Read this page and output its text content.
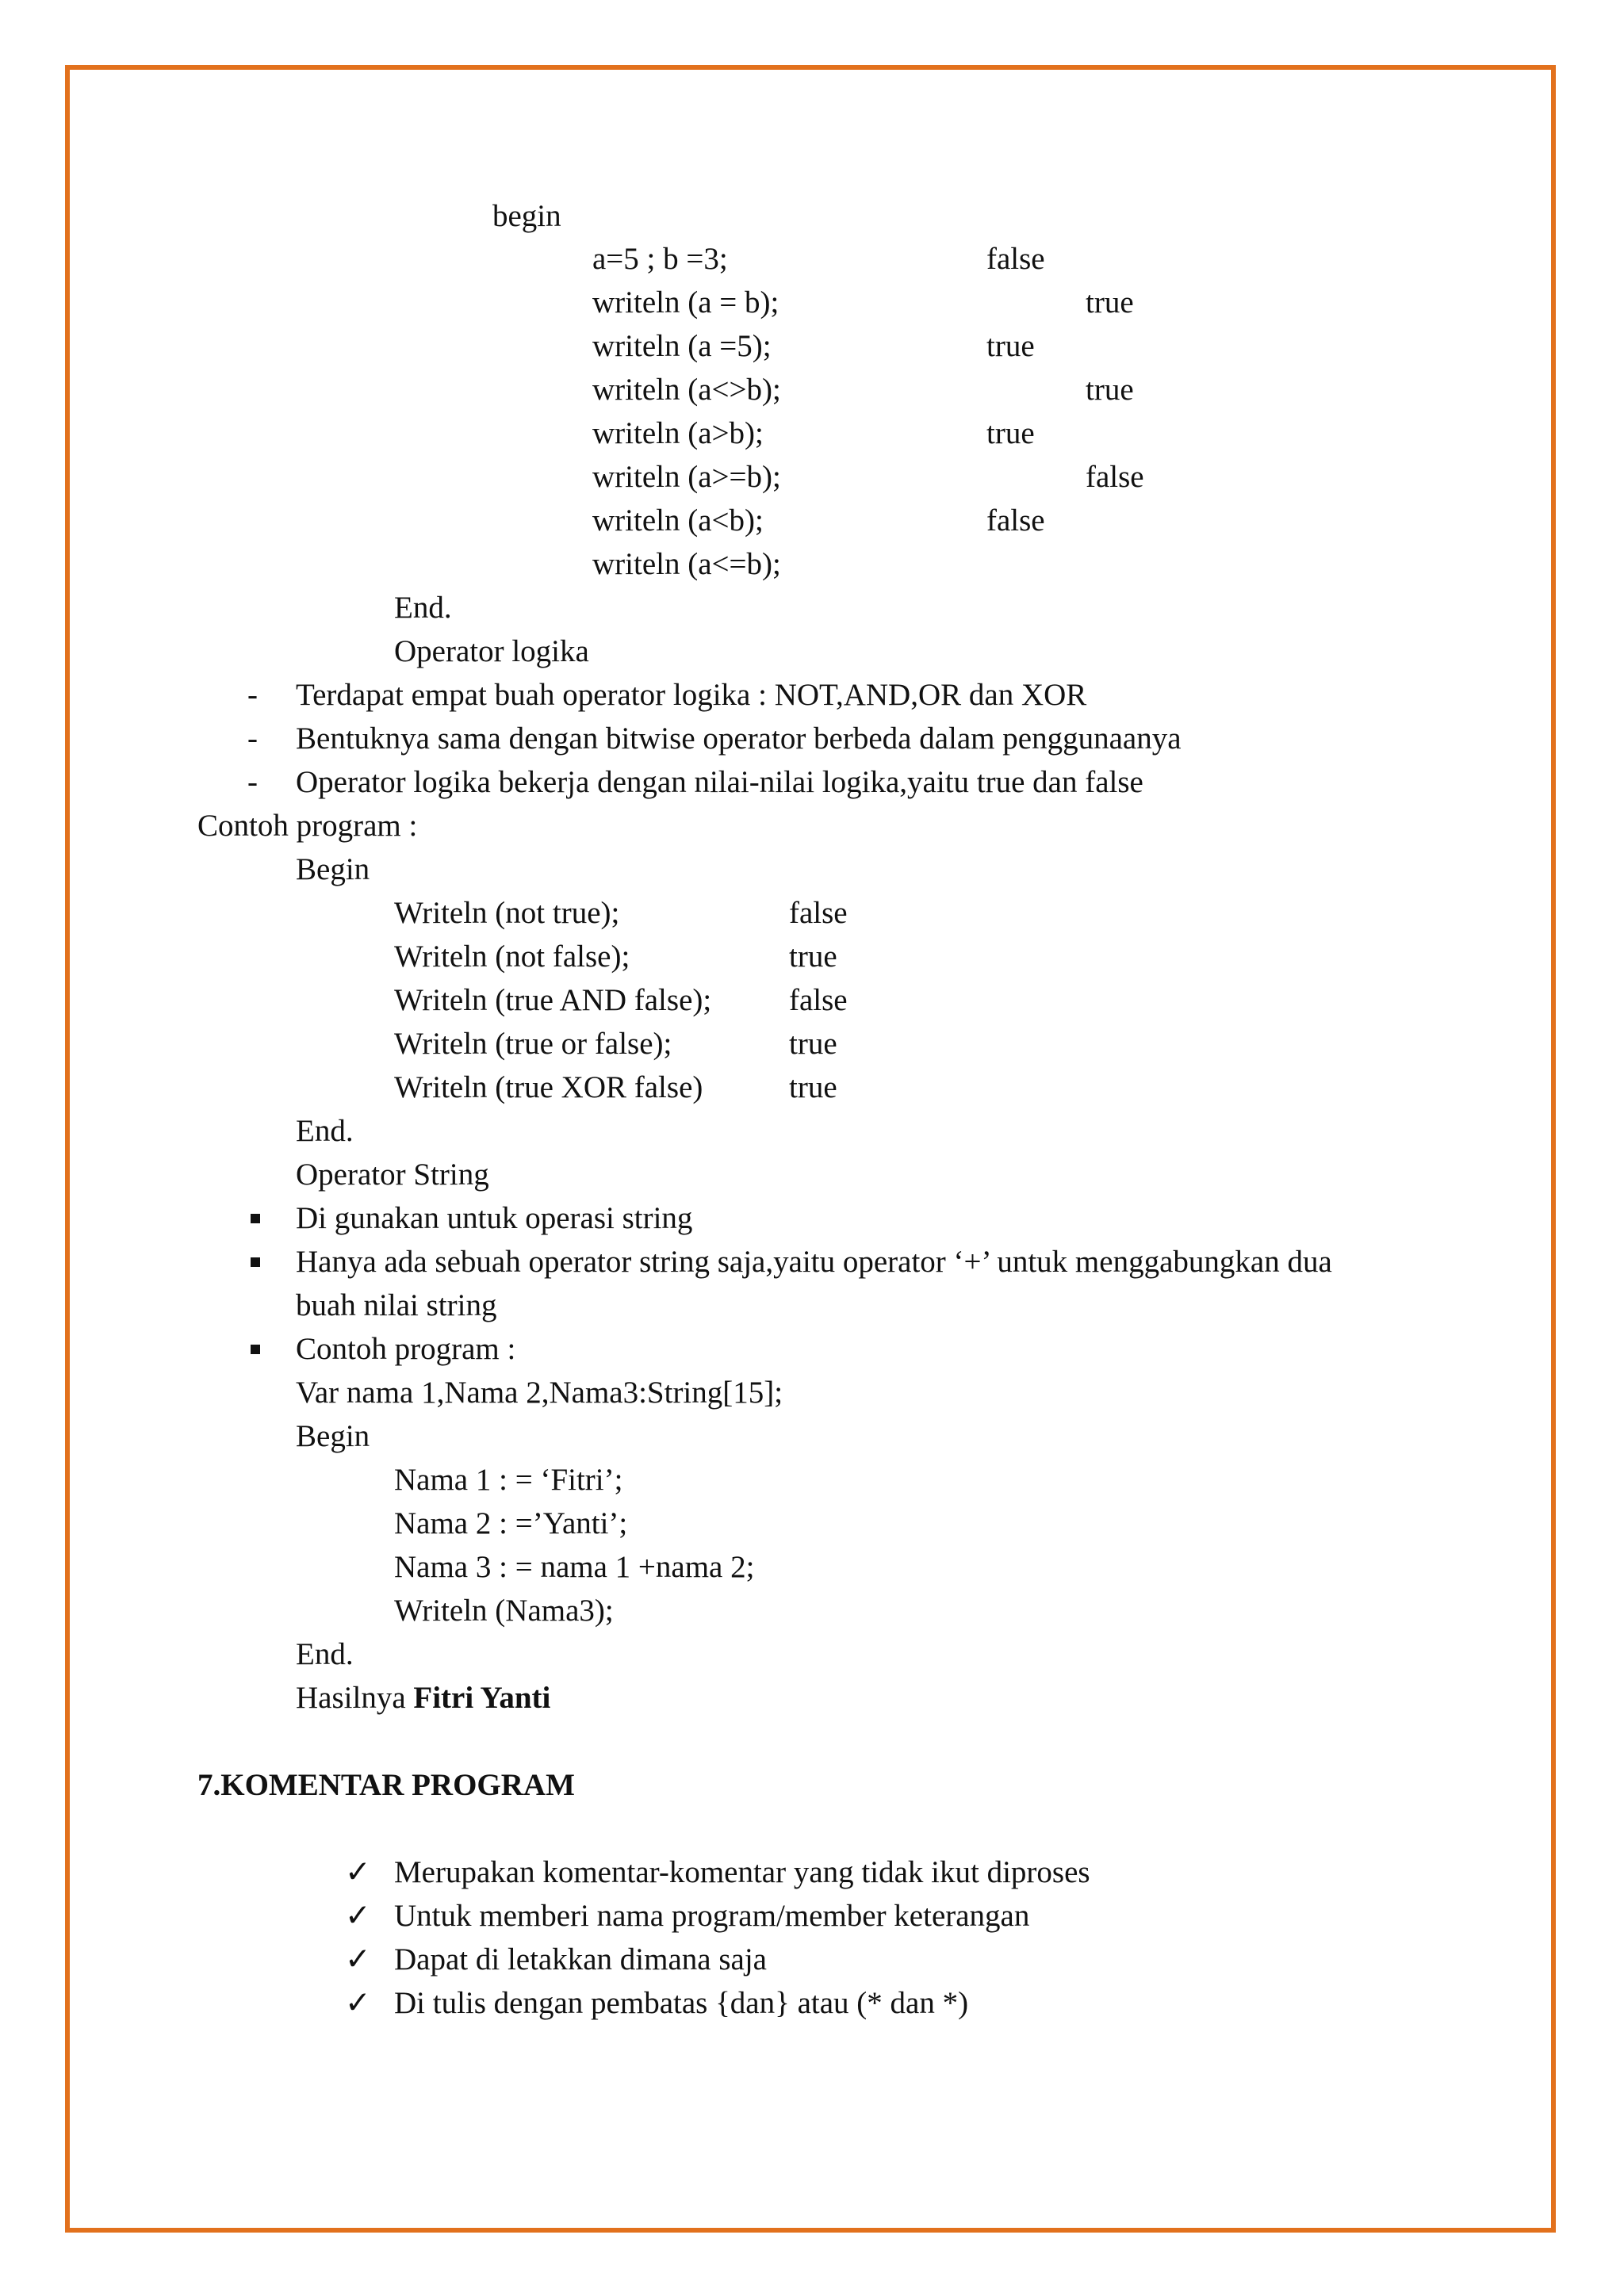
begin
a=5 ; b =3;	false
writeln (a = b);	true
writeln (a =5);	true
writeln (a<>b);	true
writeln (a>b);	true
writeln (a>=b);	false
writeln (a<b);	false
writeln (a<=b);
End.
Operator logika
- Terdapat empat buah operator logika : NOT,AND,OR dan XOR
- Bentuknya sama dengan bitwise operator berbeda dalam penggunaanya
- Operator logika bekerja dengan nilai-nilai logika,yaitu true dan false
Contoh program :
Begin
Writeln (not true);	false
Writeln (not false);	true
Writeln (true AND false);	false
Writeln (true or false);	true
Writeln (true XOR false)	true
End.
Operator String
Di gunakan untuk operasi string
Hanya ada sebuah operator string saja,yaitu operator ‘+’ untuk menggabungkan dua
buah nilai string
Contoh program :
Var nama 1,Nama 2,Nama3:String[15];
Begin
Nama 1 : = ‘Fitri’;
Nama 2 : =’Yanti’;
Nama 3 : = nama 1 +nama 2;
Writeln (Nama3);
End.
Hasilnya Fitri Yanti
7.KOMENTAR PROGRAM
✓ Merupakan komentar-komentar yang tidak ikut diproses
✓ Untuk memberi nama program/member keterangan
✓ Dapat di letakkan dimana saja
✓ Di tulis dengan pembatas {dan} atau (* dan *)
